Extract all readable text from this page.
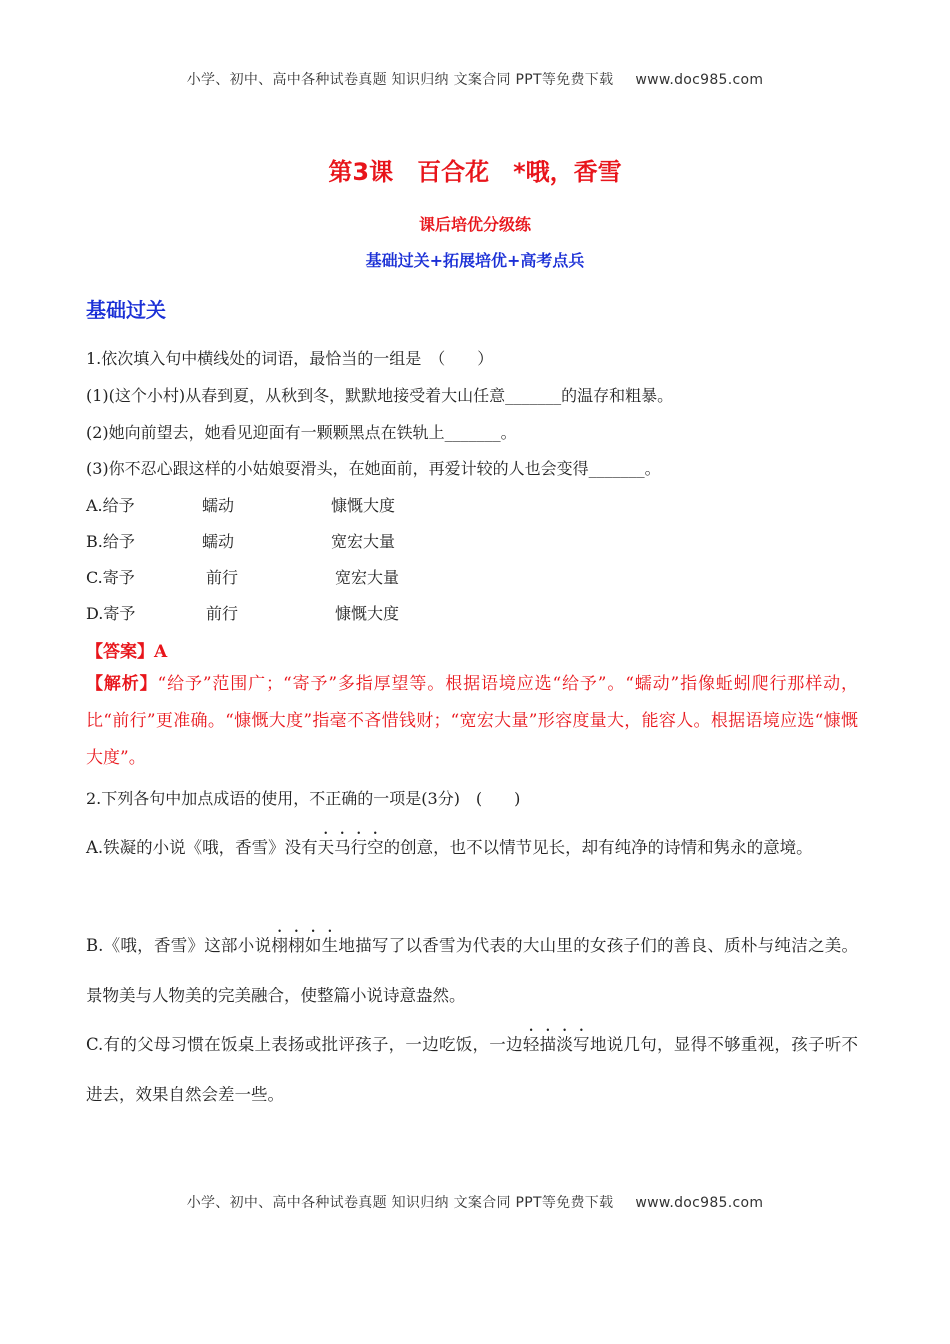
小学、初中、高中各种试卷真题 知识归纳 文案合同 PPT等免费下载 www.doc985.com
第3课　百合花　*哦，香雪
课后培优分级练
基础过关+拓展培优+高考点兵
基础过关
1.依次填入句中横线处的词语，最恰当的一组是　（　　）
(1)(这个小村)从春到夏，从秋到冬，默默地接受着大山任意_______的温存和粗暴。
(2)她向前望去，她看见迎面有一颗颗黑点在铁轨上_______。
(3)你不忍心跟这样的小姑娘耍滑头，在她面前，再爱计较的人也会变得_______。
A.给予	蠕动	慷慨大度
B.给予	蠕动	宽宏大量
C.寄予	前行	宽宏大量
D.寄予	前行	慷慨大度
【答案】A
【解析】“给予”范围广；“寄予”多指厚望等。根据语境应选“给予”。“蠕动”指像蚯蚓爬行那样动，比“前行”更准确。“慷慨大度”指毫不吝惜钱财；“宽宏大量”形容度量大，能容人。根据语境应选“慷慨大度”。
2.下列各句中加点成语的使用，不正确的一项是(3分)　(　　)
A.铁凝的小说《哦，香雪》没有天马行空的创意，也不以情节见长，却有纯净的诗情和隽永的意境。
B.《哦，香雪》这部小说栩栩如生地描写了以香雪为代表的大山里的女孩子们的善良、质朴与纯洁之美。景物美与人物美的完美融合，使整篇小说诗意盎然。
C.有的父母习惯在饭桌上表扬或批评孩子，一边吃饭，一边轻描淡写地说几句，显得不够重视，孩子听不进去，效果自然会差一些。
小学、初中、高中各种试卷真题 知识归纳 文案合同 PPT等免费下载 www.doc985.com
